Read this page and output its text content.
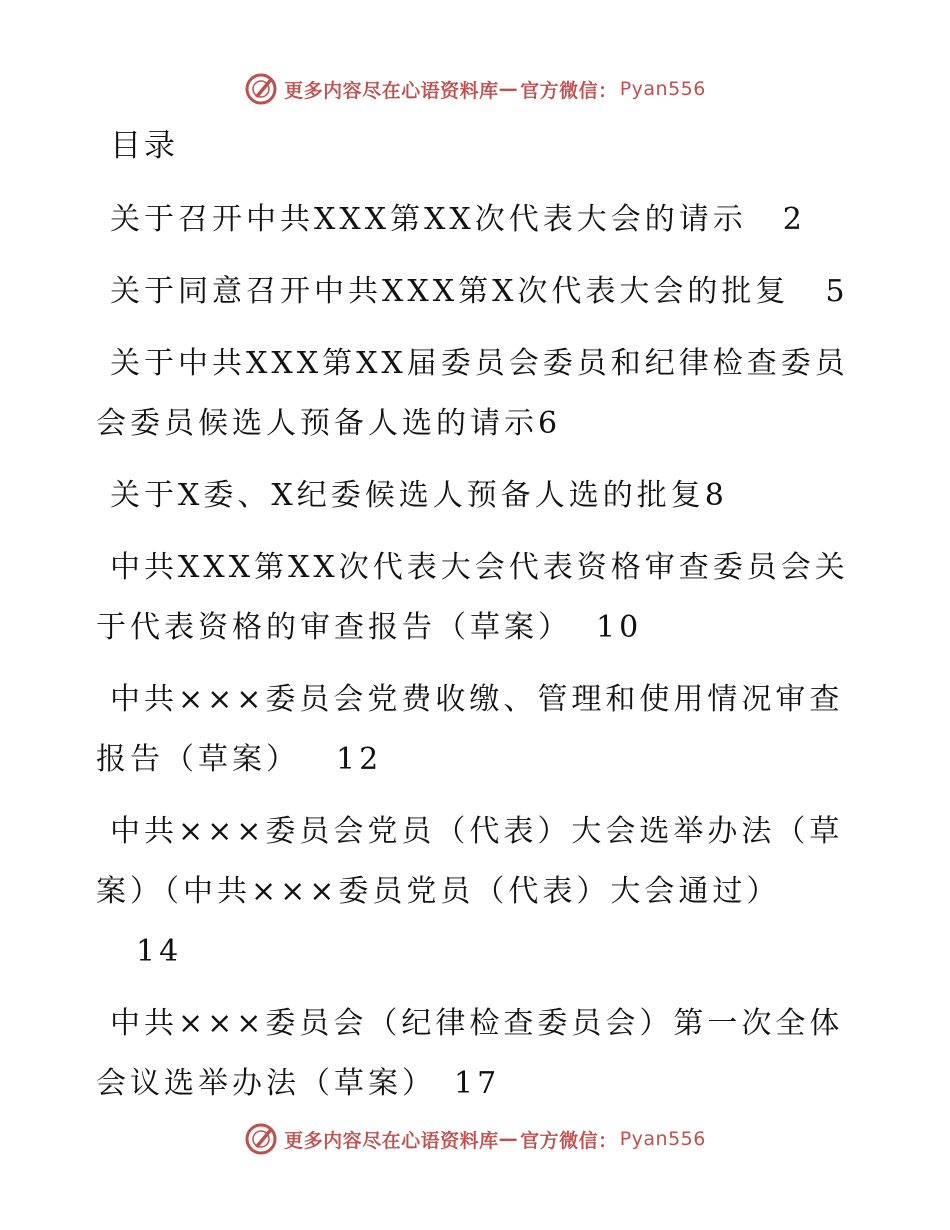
更多内容尽在心语资料库 — 官方微信： Pyan556
目录
关于召开中共XXX第XX次代表大会的请示 2
关于同意召开中共XXX第X次代表大会的批复 5
关于中共XXX第XX届委员会委员和纪律检查委员会委员候选人预备人选的请示6
关于X委、X纪委候选人预备人选的批复8
中共XXX第XX次代表大会代表资格审查委员会关于代表资格的审查报告（草案） 10
中共×××委员会党费收缴、管理和使用情况审查报告（草案） 12
中共×××委员会党员（代表）大会选举办法（草案）（中共×××委员党员（代表）大会通过）14
中共×××委员会（纪律检查委员会）第一次全体会议选举办法（草案） 17
更多内容尽在心语资料库 — 官方微信： Pyan556
